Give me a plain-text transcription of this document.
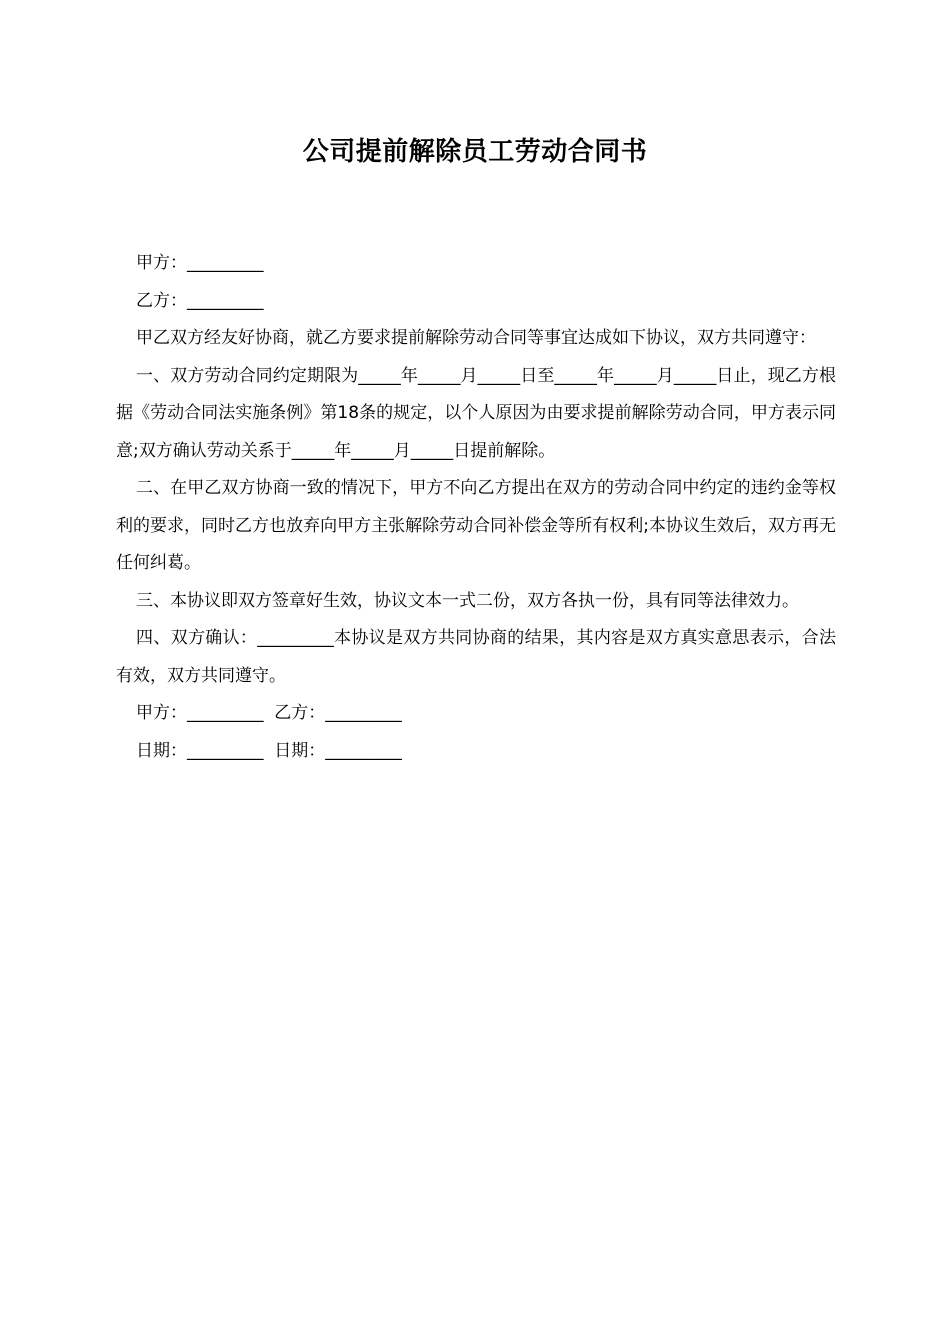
公司提前解除员工劳动合同书

甲方：_________

乙方：_________

甲乙双方经友好协商，就乙方要求提前解除劳动合同等事宜达成如下协议，双方共同遵守：

一、双方劳动合同约定期限为_____年_____月_____日至_____年_____月_____日止，现乙方根据《劳动合同法实施条例》第18条的规定，以个人原因为由要求提前解除劳动合同，甲方表示同意;双方确认劳动关系于_____年_____月_____日提前解除。

二、在甲乙双方协商一致的情况下，甲方不向乙方提出在双方的劳动合同中约定的违约金等权利的要求，同时乙方也放弃向甲方主张解除劳动合同补偿金等所有权利;本协议生效后，双方再无任何纠葛。

三、本协议即双方签章好生效，协议文本一式二份，双方各执一份，具有同等法律效力。

四、双方确认：_________本协议是双方共同协商的结果，其内容是双方真实意思表示，合法有效，双方共同遵守。

甲方：_________  乙方：_________

日期：_________  日期：_________
